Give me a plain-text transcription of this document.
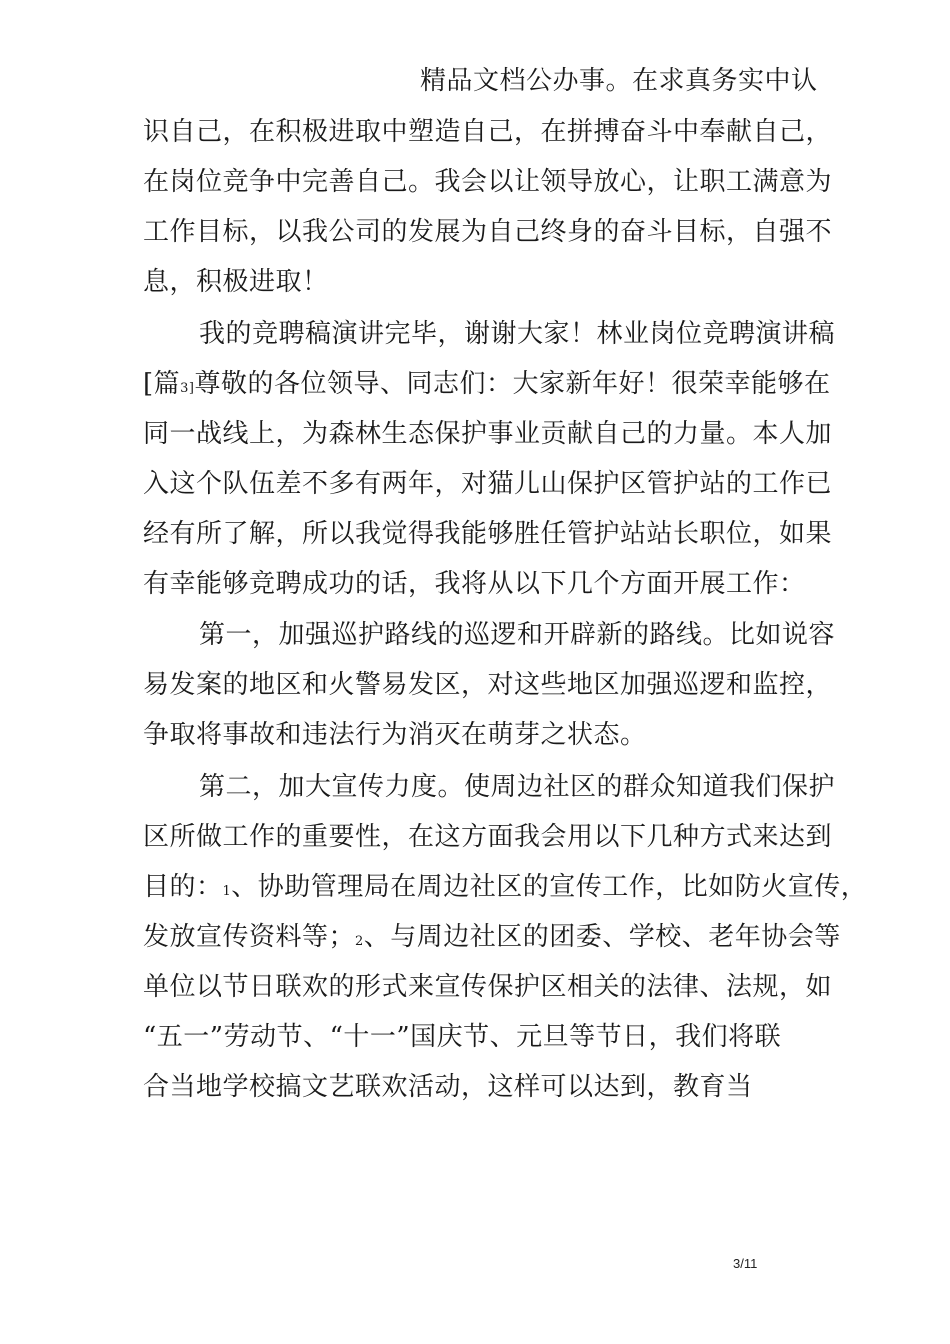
精品文档公办事。在求真务实中认
识自己，在积极进取中塑造自己，在拼搏奋斗中奉献自己，
在岗位竞争中完善自己。我会以让领导放心，让职工满意为
工作目标，以我公司的发展为自己终身的奋斗目标，自强不
息，积极进取！
我的竞聘稿演讲完毕，谢谢大家！林业岗位竞聘演讲稿
[篇3]尊敬的各位领导、同志们：大家新年好！很荣幸能够在
同一战线上，为森林生态保护事业贡献自己的力量。本人加
入这个队伍差不多有两年，对猫儿山保护区管护站的工作已
经有所了解，所以我觉得我能够胜任管护站站长职位，如果
有幸能够竞聘成功的话，我将从以下几个方面开展工作：
第一，加强巡护路线的巡逻和开辟新的路线。比如说容
易发案的地区和火警易发区，对这些地区加强巡逻和监控，
争取将事故和违法行为消灭在萌芽之状态。
第二，加大宣传力度。使周边社区的群众知道我们保护
区所做工作的重要性，在这方面我会用以下几种方式来达到
目的：1、协助管理局在周边社区的宣传工作，比如防火宣传，
发放宣传资料等；2、与周边社区的团委、学校、老年协会等
单位以节日联欢的形式来宣传保护区相关的法律、法规，如
“五一”劳动节、“十一”国庆节、元旦等节日，我们将联
合当地学校搞文艺联欢活动，这样可以达到，教育当
3/11
